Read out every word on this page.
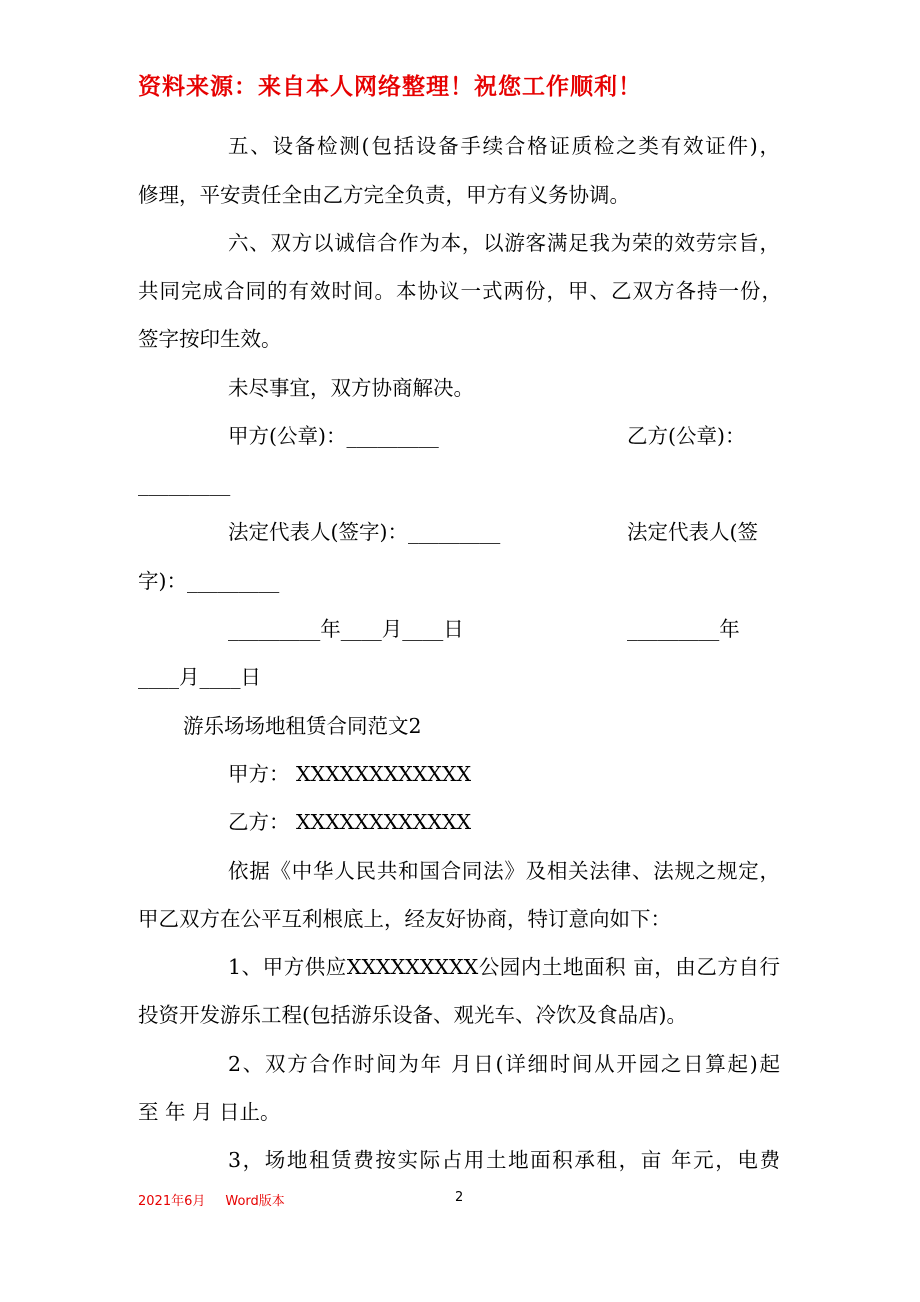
资料来源：来自本人网络整理！祝您工作顺利！
五、设备检测(包括设备手续合格证质检之类有效证件)，
修理，平安责任全由乙方完全负责，甲方有义务协调。
六、双方以诚信合作为本，以游客满足我为荣的效劳宗旨，
共同完成合同的有效时间。本协议一式两份，甲、乙双方各持一份，
签字按印生效。
未尽事宜，双方协商解决。
甲方(公章)：_________	乙方(公章)：
_________
法定代表人(签字)：_________	法定代表人(签
字)：_________
_________年____月____日	_________年
____月____日
游乐场场地租赁合同范文2
甲方： XXXXXXXXXXXX
乙方： XXXXXXXXXXXX
依据《中华人民共和国合同法》及相关法律、法规之规定，
甲乙双方在公平互利根底上，经友好协商，特订意向如下：
1、甲方供应XXXXXXXXX公园内土地面积 亩，由乙方自行
投资开发游乐工程(包括游乐设备、观光车、冷饮及食品店)。
2、双方合作时间为年 月日(详细时间从开园之日算起)起
至 年 月 日止。
3，场地租赁费按实际占用土地面积承租，亩 年元，电费
2021年6月 Word版本	2
